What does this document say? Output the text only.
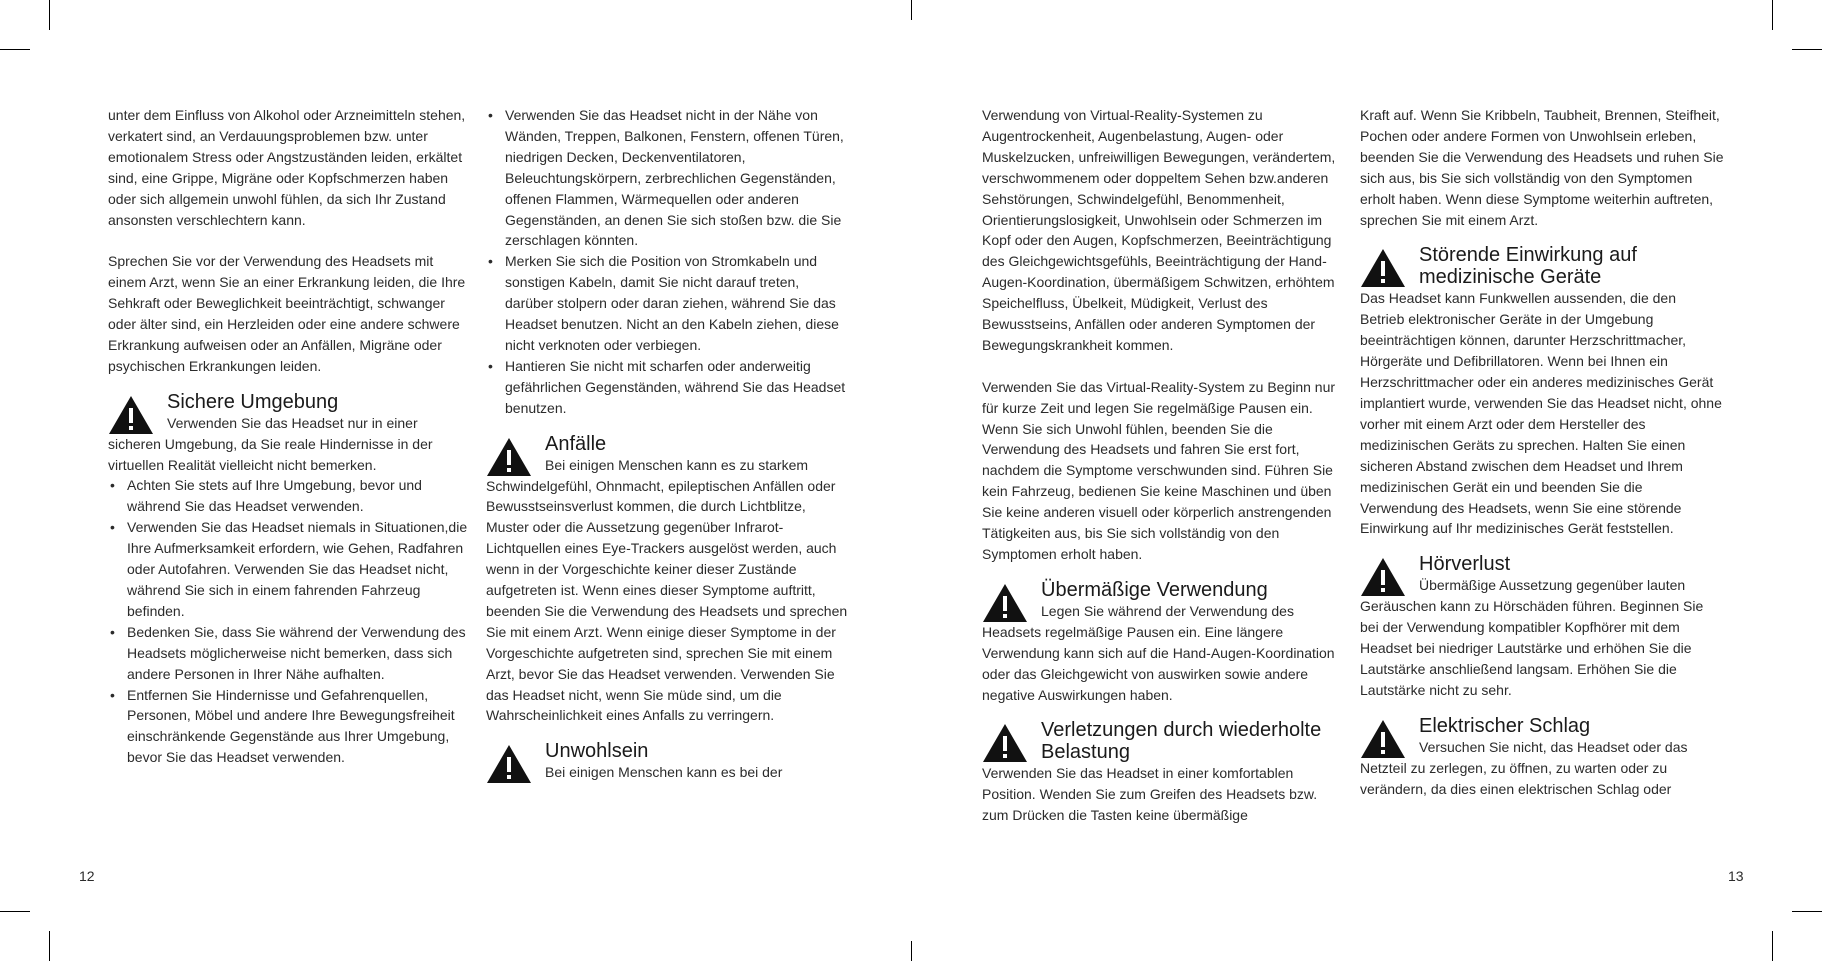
unter dem Einfluss von Alkohol oder Arzneimitteln stehen, verkatert sind, an Verdauungsproblemen bzw. unter emotionalem Stress oder Angstzuständen leiden, erkältet sind, eine Grippe, Migräne oder Kopfschmerzen haben oder sich allgemein unwohl fühlen, da sich Ihr Zustand ansonsten verschlechtern kann.

Sprechen Sie vor der Verwendung des Headsets mit einem Arzt, wenn Sie an einer Erkrankung leiden, die Ihre Sehkraft oder Beweglichkeit beeinträchtigt, schwanger oder älter sind, ein Herzleiden oder eine andere schwere Erkrankung aufweisen oder an Anfällen, Migräne oder psychischen Erkrankungen leiden.

Sichere Umgebung

Verwenden Sie das Headset nur in einer

sicheren Umgebung, da Sie reale Hindernisse in der virtuellen Realität vielleicht nicht bemerken.

• Achten Sie stets auf Ihre Umgebung, bevor und während Sie das Headset verwenden.
• Verwenden Sie das Headset niemals in Situationen,die Ihre Aufmerksamkeit erfordern, wie Gehen, Radfahren oder Autofahren. Verwenden Sie das Headset nicht, während Sie sich in einem fahrenden Fahrzeug befinden.
• Bedenken Sie, dass Sie während der Verwendung des Headsets möglicherweise nicht bemerken, dass sich andere Personen in Ihrer Nähe aufhalten.
• Entfernen Sie Hindernisse und Gefahrenquellen, Personen, Möbel und andere Ihre Bewegungsfreiheit einschränkende Gegenstände aus Ihrer Umgebung, bevor Sie das Headset verwenden.
• Verwenden Sie das Headset nicht in der Nähe von Wänden, Treppen, Balkonen, Fenstern, offenen Türen, niedrigen Decken, Deckenventilatoren, Beleuchtungskörpern, zerbrechlichen Gegenständen, offenen Flammen, Wärmequellen oder anderen Gegenständen, an denen Sie sich stoßen bzw. die Sie zerschlagen könnten.
• Merken Sie sich die Position von Stromkabeln und sonstigen Kabeln, damit Sie nicht darauf treten, darüber stolpern oder daran ziehen, während Sie das Headset benutzen. Nicht an den Kabeln ziehen, diese nicht verknoten oder verbiegen.
• Hantieren Sie nicht mit scharfen oder anderweitig gefährlichen Gegenständen, während Sie das Headset benutzen.
Anfälle

Bei einigen Menschen kann es zu starkem

Schwindelgefühl, Ohnmacht, epileptischen Anfällen oder Bewusstseinsverlust kommen, die durch Lichtblitze, Muster oder die Aussetzung gegenüber Infrarot-Lichtquellen eines Eye-Trackers ausgelöst werden, auch wenn in der Vorgeschichte keiner dieser Zustände aufgetreten ist. Wenn eines dieser Symptome auftritt, beenden Sie die Verwendung des Headsets und sprechen Sie mit einem Arzt. Wenn einige dieser Symptome in der Vorgeschichte aufgetreten sind, sprechen Sie mit einem Arzt, bevor Sie das Headset verwenden. Verwenden Sie das Headset nicht, wenn Sie müde sind, um die Wahrscheinlichkeit eines Anfalls zu verringern.

Unwohlsein

Bei einigen Menschen kann es bei der

Verwendung von Virtual-Reality-Systemen zu Augentrockenheit, Augenbelastung, Augen- oder Muskelzucken, unfreiwilligen Bewegungen, verändertem, verschwommenem oder doppeltem Sehen bzw.anderen Sehstörungen, Schwindelgefühl, Benommenheit, Orientierungslosigkeit, Unwohlsein oder Schmerzen im Kopf oder den Augen, Kopfschmerzen, Beeinträchtigung des Gleichgewichtsgefühls, Beeinträchtigung der Hand-Augen-Koordination, übermäßigem Schwitzen, erhöhtem Speichelfluss, Übelkeit, Müdigkeit, Verlust des Bewusstseins, Anfällen oder anderen Symptomen der Bewegungskrankheit kommen.

Verwenden Sie das Virtual-Reality-System zu Beginn nur für kurze Zeit und legen Sie regelmäßige Pausen ein. Wenn Sie sich Unwohl fühlen, beenden Sie die Verwendung des Headsets und fahren Sie erst fort, nachdem die Symptome verschwunden sind. Führen Sie kein Fahrzeug, bedienen Sie keine Maschinen und üben Sie keine anderen visuell oder körperlich anstrengenden Tätigkeiten aus, bis Sie sich vollständig von den Symptomen erholt haben.

Übermäßige Verwendung

Legen Sie während der Verwendung des

Headsets regelmäßige Pausen ein. Eine längere Verwendung kann sich auf die Hand-Augen-Koordination oder das Gleichgewicht von auswirken sowie andere negative Auswirkungen haben.

Verletzungen durch wiederholte Belastung

Verwenden Sie das Headset in einer komfortablen Position. Wenden Sie zum Greifen des Headsets bzw. zum Drücken die Tasten keine übermäßige

Kraft auf. Wenn Sie Kribbeln, Taubheit, Brennen, Steifheit, Pochen oder andere Formen von Unwohlsein erleben, beenden Sie die Verwendung des Headsets und ruhen Sie sich aus, bis Sie sich vollständig von den Symptomen erholt haben. Wenn diese Symptome weiterhin auftreten, sprechen Sie mit einem Arzt.

Störende Einwirkung auf medizinische Geräte

Das Headset kann Funkwellen aussenden, die den Betrieb elektronischer Geräte in der Umgebung beeinträchtigen können, darunter Herzschrittmacher, Hörgeräte und Defibrillatoren. Wenn bei Ihnen ein Herzschrittmacher oder ein anderes medizinisches Gerät implantiert wurde, verwenden Sie das Headset nicht, ohne vorher mit einem Arzt oder dem Hersteller des medizinischen Geräts zu sprechen. Halten Sie einen sicheren Abstand zwischen dem Headset und Ihrem medizinischen Gerät ein und beenden Sie die Verwendung des Headsets, wenn Sie eine störende Einwirkung auf Ihr medizinisches Gerät feststellen.

Hörverlust

Übermäßige Aussetzung gegenüber lauten

Geräuschen kann zu Hörschäden führen. Beginnen Sie bei der Verwendung kompatibler Kopfhörer mit dem Headset bei niedriger Lautstärke und erhöhen Sie die Lautstärke anschließend langsam. Erhöhen Sie die Lautstärke nicht zu sehr.

Elektrischer Schlag

Versuchen Sie nicht, das Headset oder das

Netzteil zu zerlegen, zu öffnen, zu warten oder zu verändern, da dies einen elektrischen Schlag oder

12	13
